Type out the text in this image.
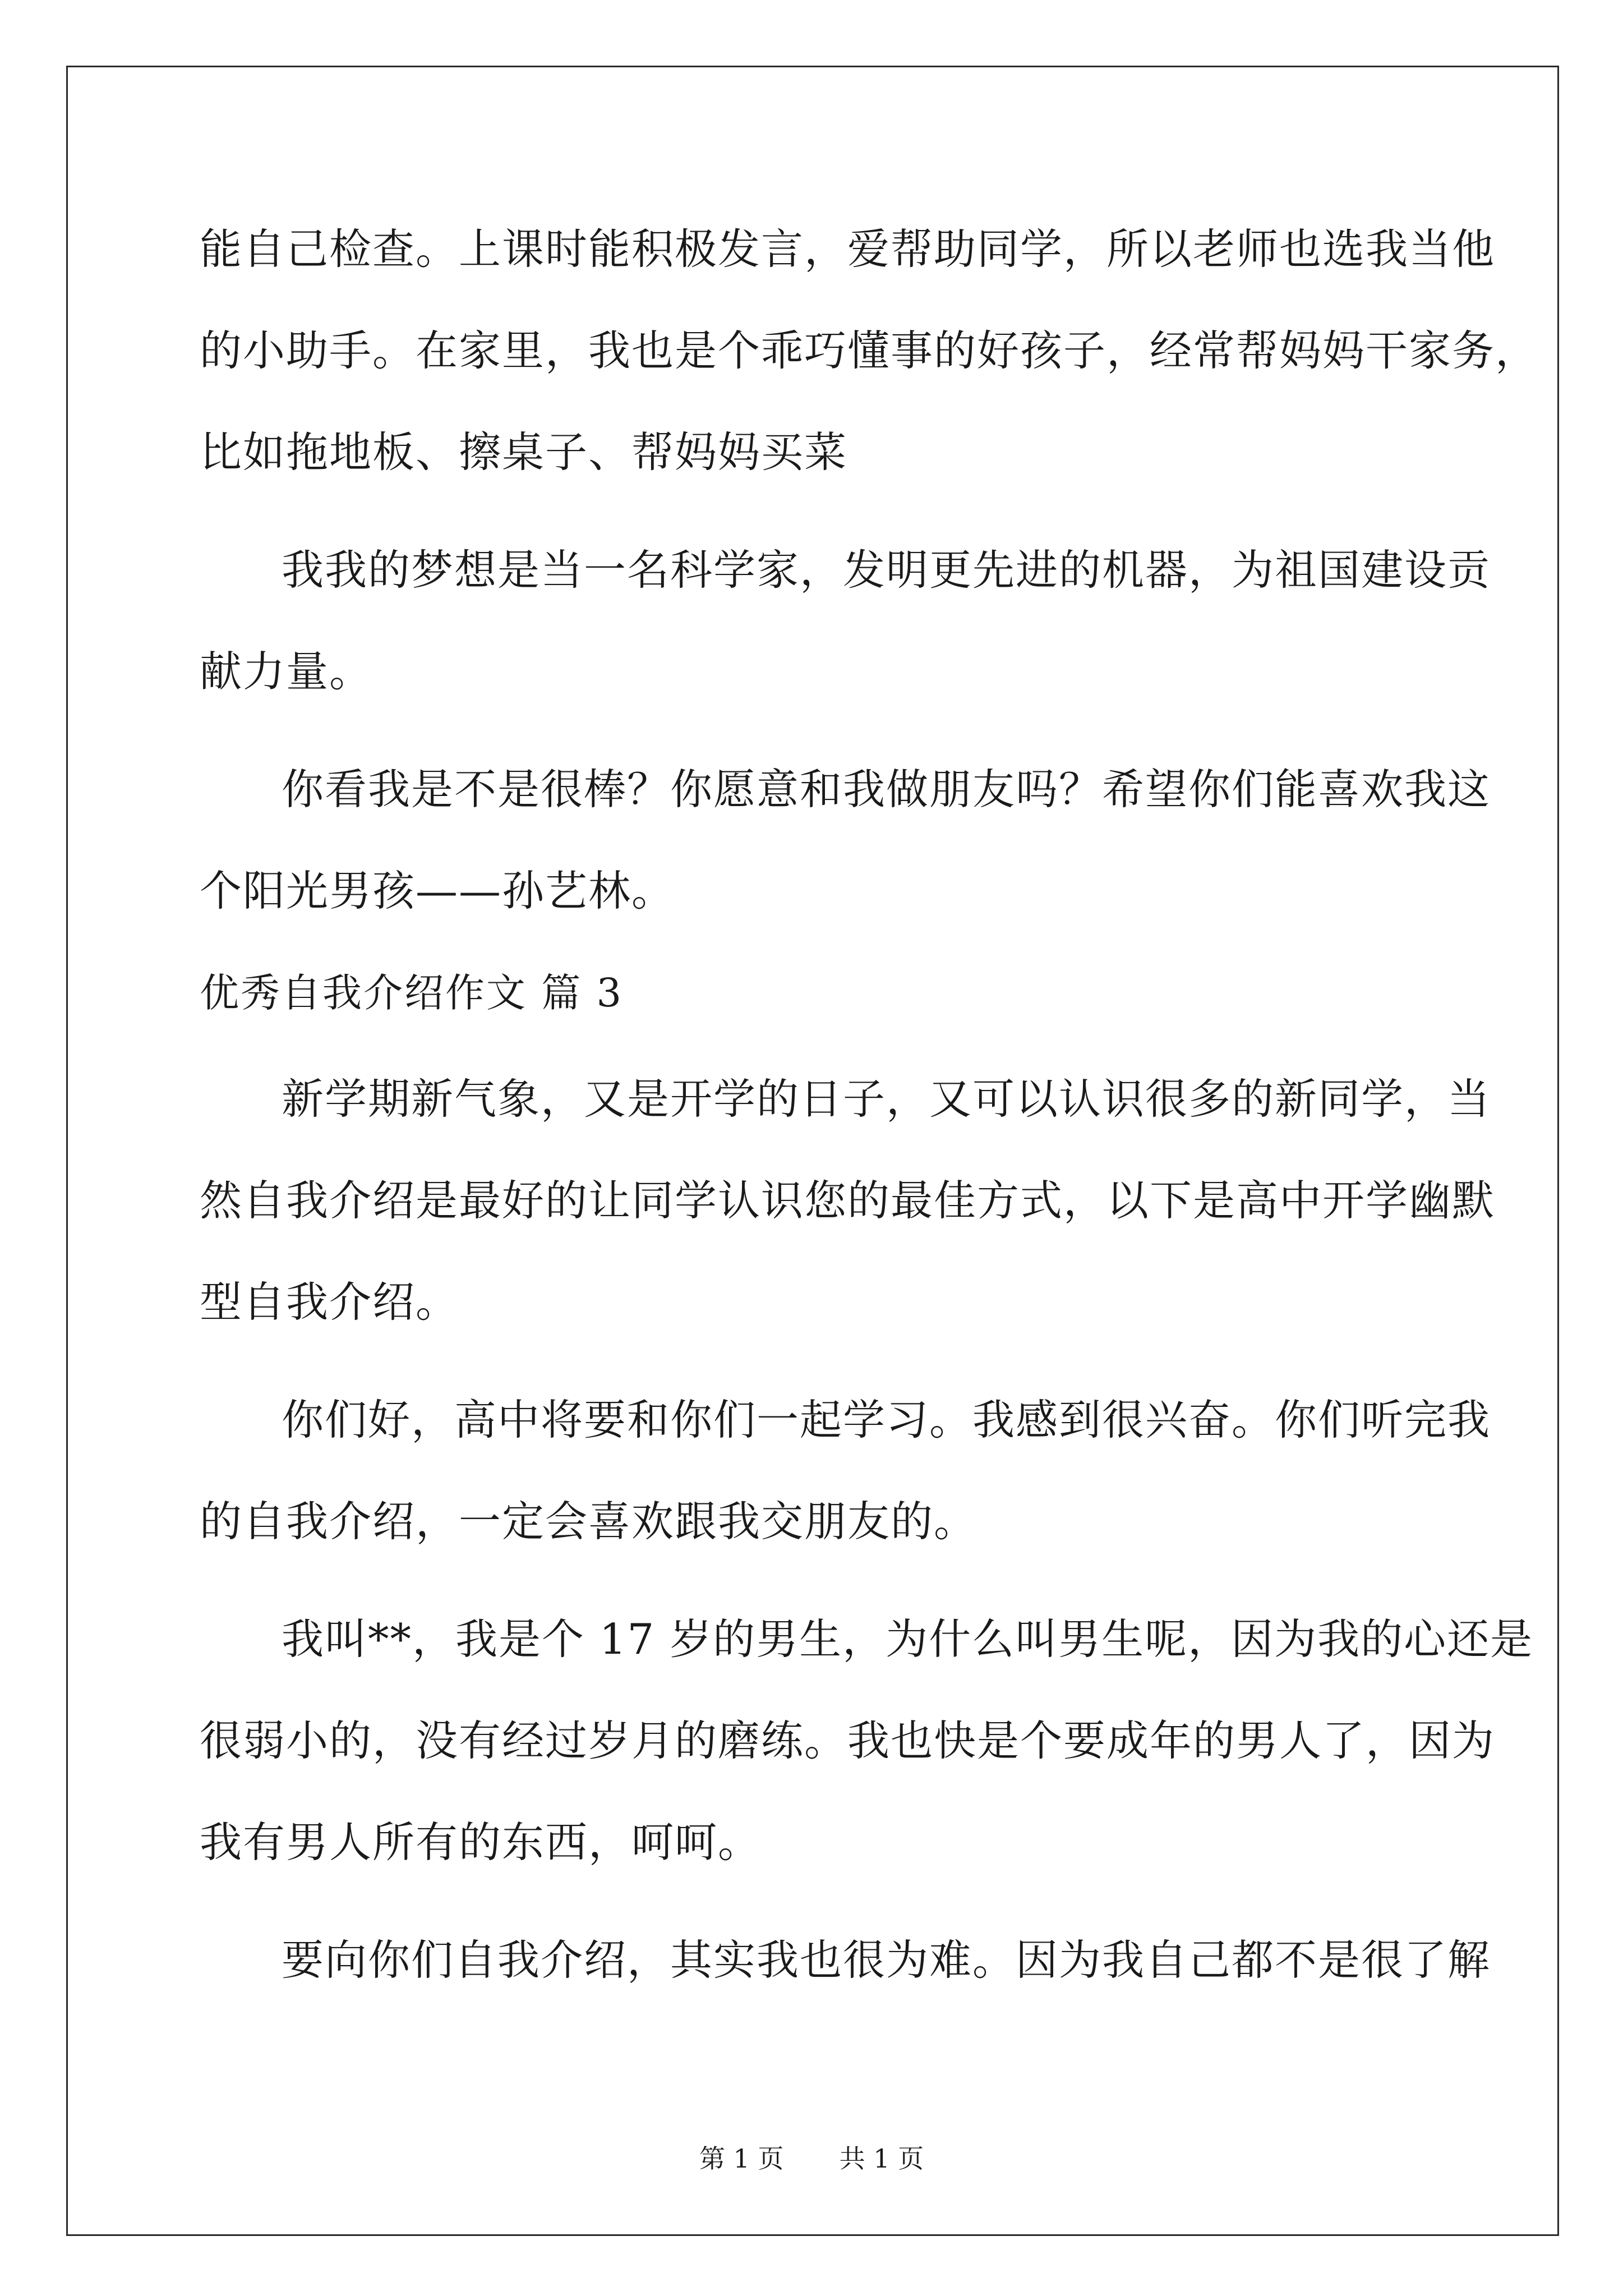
能自己检查。上课时能积极发言，爱帮助同学，所以老师也选我当他
的小助手。在家里，我也是个乖巧懂事的好孩子，经常帮妈妈干家务，
比如拖地板、擦桌子、帮妈妈买菜
我我的梦想是当一名科学家，发明更先进的机器，为祖国建设贡
献力量。
你看我是不是很棒？你愿意和我做朋友吗？希望你们能喜欢我这
个阳光男孩——孙艺林。
优秀自我介绍作文 篇 3
新学期新气象，又是开学的日子，又可以认识很多的新同学，当
然自我介绍是最好的让同学认识您的最佳方式，以下是高中开学幽默
型自我介绍。
你们好，高中将要和你们一起学习。我感到很兴奋。你们听完我
的自我介绍，一定会喜欢跟我交朋友的。
我叫**，我是个 17 岁的男生，为什么叫男生呢，因为我的心还是
很弱小的，没有经过岁月的磨练。我也快是个要成年的男人了，因为
我有男人所有的东西，呵呵。
要向你们自我介绍，其实我也很为难。因为我自己都不是很了解
第 1 页 共 1 页
